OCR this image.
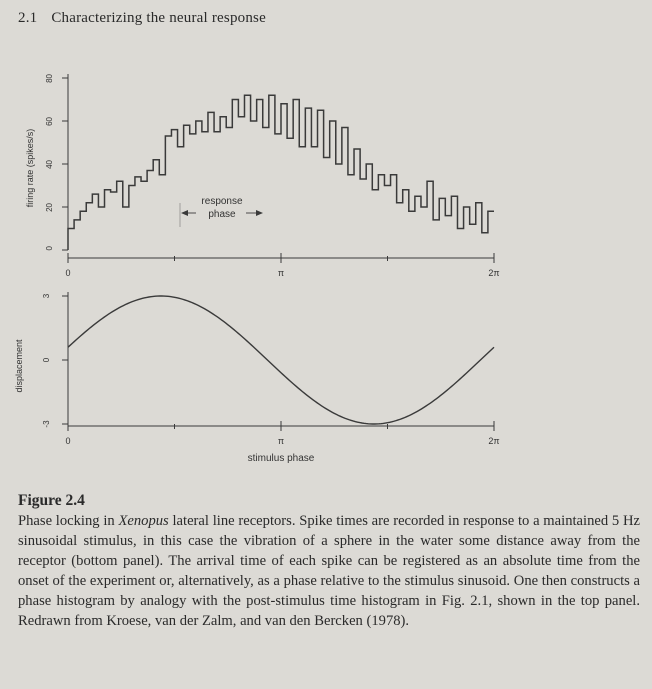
2.1 Characterizing the neural response
0
20
40
60
80
firing rate (spikes/s)
0	π	2π
response
phase
-3
0
3
displacement
0	π	2π
stimulus phase
Figure 2.4
Phase locking in Xenopus lateral line receptors. Spike times are recorded in response to a maintained 5 Hz sinusoidal stimulus, in this case the vibration of a sphere in the water some distance away from the receptor (bottom panel). The arrival time of each spike can be registered as an absolute time from the onset of the experiment or, alternatively, as a phase relative to the stimulus sinusoid. One then constructs a phase histogram by analogy with the post-stimulus time histogram in Fig. 2.1, shown in the top panel. Redrawn from Kroese, van der Zalm, and van den Bercken (1978).
